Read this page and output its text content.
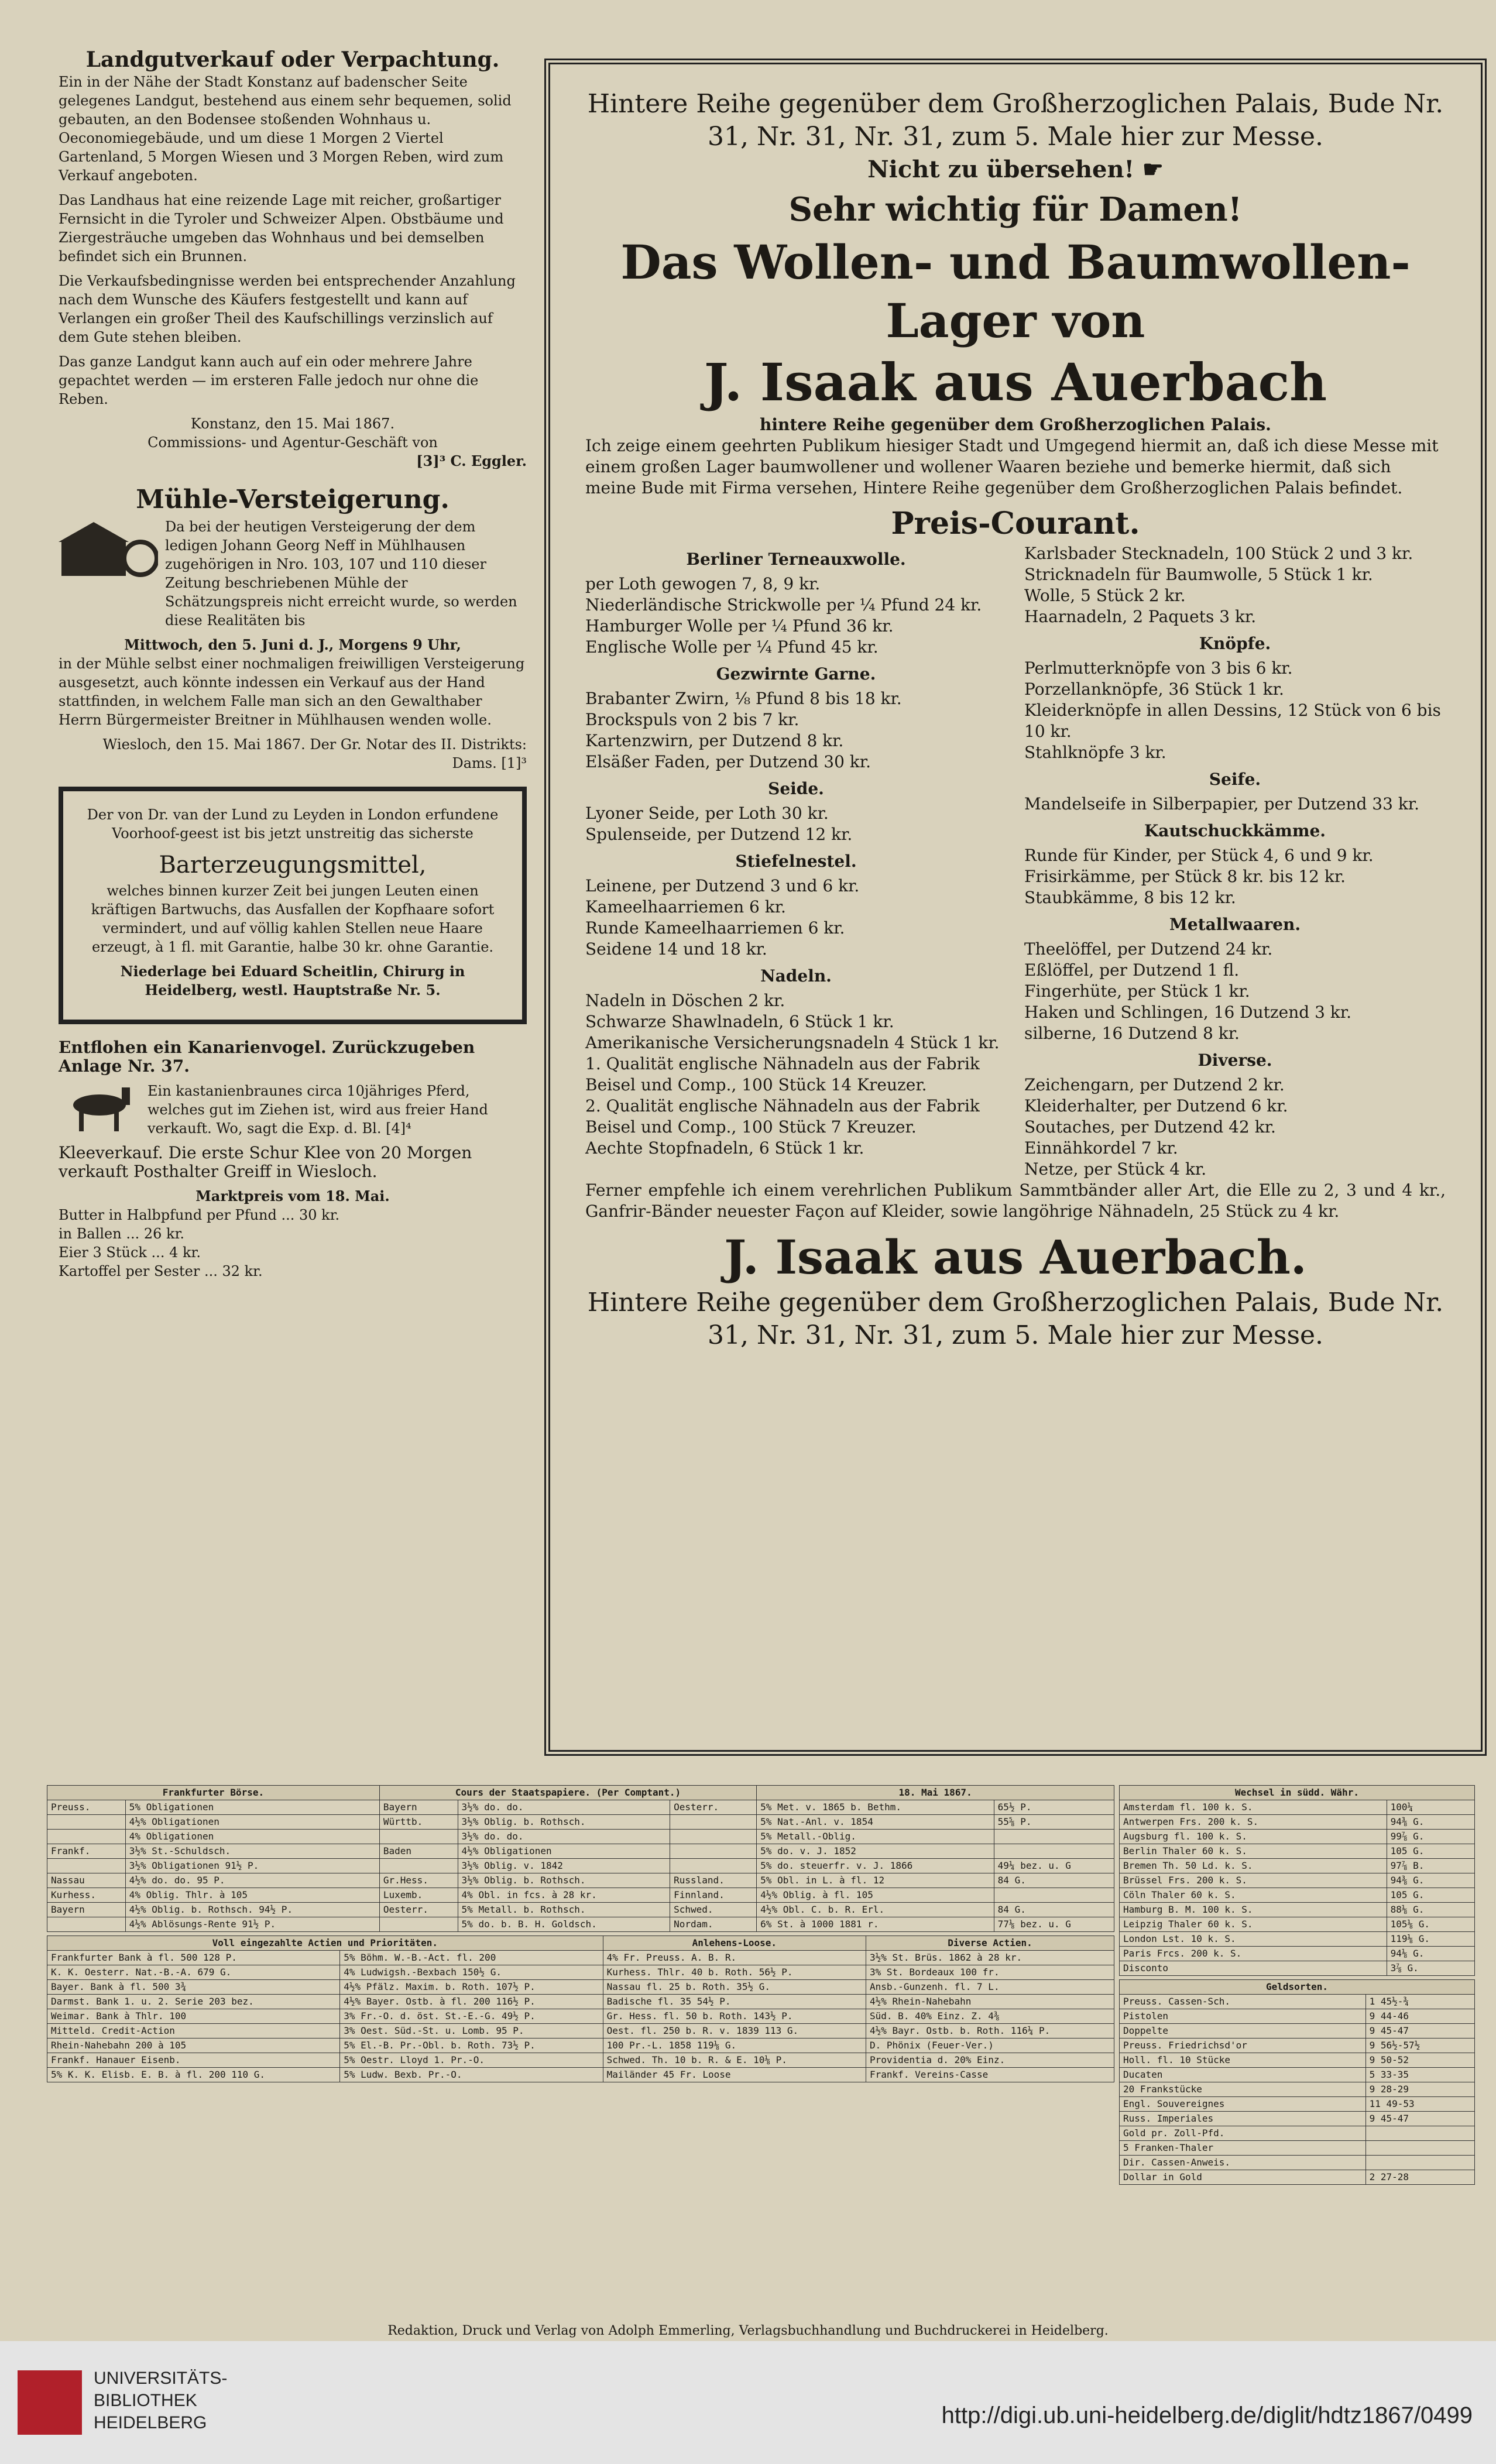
Landgutverkauf oder Verpachtung.

Ein in der Nähe der Stadt Konstanz auf badenscher Seite gelegenes Landgut, bestehend aus einem sehr bequemen, solid gebauten, an den Bodensee stoßenden Wohnhaus u. Oeconomiegebäude, und um diese 1 Morgen 2 Viertel Gartenland, 5 Morgen Wiesen und 3 Morgen Reben, wird zum Verkauf angeboten.

Das Landhaus hat eine reizende Lage mit reicher, großartiger Fernsicht in die Tyroler und Schweizer Alpen. Obstbäume und Ziergesträuche umgeben das Wohnhaus und bei demselben befindet sich ein Brunnen.

Die Verkaufsbedingnisse werden bei entsprechender Anzahlung nach dem Wunsche des Käufers festgestellt und kann auf Verlangen ein großer Theil des Kaufschillings verzinslich auf dem Gute stehen bleiben.

Das ganze Landgut kann auch auf ein oder mehrere Jahre gepachtet werden — im ersteren Falle jedoch nur ohne die Reben.

Konstanz, den 15. Mai 1867.
Commissions- und Agentur-Geschäft von
[3]³ C. Eggler.
Mühle-Versteigerung.

Da bei der heutigen Versteigerung der dem ledigen Johann Georg Neff in Mühlhausen zugehörigen in Nro. 103, 107 und 110 dieser Zeitung beschriebenen Mühle der Schätzungspreis nicht erreicht wurde, so werden diese Realitäten bis

Mittwoch, den 5. Juni d. J., Morgens 9 Uhr,

in der Mühle selbst einer nochmaligen freiwilligen Versteigerung ausgesetzt, auch könnte indessen ein Verkauf aus der Hand stattfinden, in welchem Falle man sich an den Gewalthaber Herrn Bürgermeister Breitner in Mühlhausen wenden wolle.

Wiesloch, den 15. Mai 1867. Der Gr. Notar des II. Distrikts: Dams. [1]³

Der von Dr. van der Lund zu Leyden in London erfundene Voorhoof-geest ist bis jetzt unstreitig das sicherste

Barterzeugungsmittel,

welches binnen kurzer Zeit bei jungen Leuten einen kräftigen Bartwuchs, das Ausfallen der Kopfhaare sofort vermindert, und auf völlig kahlen Stellen neue Haare erzeugt, à 1 fl. mit Garantie, halbe 30 kr. ohne Garantie.

Niederlage bei Eduard Scheitlin, Chirurg in Heidelberg, westl. Hauptstraße Nr. 5.

Entflohen ein Kanarienvogel. Zurückzugeben Anlage Nr. 37.

Ein kastanienbraunes circa 10jähriges Pferd, welches gut im Ziehen ist, wird aus freier Hand verkauft. Wo, sagt die Exp. d. Bl. [4]⁴

Kleeverkauf. Die erste Schur Klee von 20 Morgen verkauft Posthalter Greiff in Wiesloch.

Marktpreis vom 18. Mai.
Butter in Halbpfund per Pfund ... 30 kr.
in Ballen ... 26 kr.
Eier 3 Stück ... 4 kr.
Kartoffel per Sester ... 32 kr.
Hintere Reihe gegenüber dem Großherzoglichen Palais, Bude Nr. 31, Nr. 31, Nr. 31, zum 5. Male hier zur Messe.
Nicht zu übersehen! ☛
Sehr wichtig für Damen!
Das Wollen- und Baumwollen-
Lager von
J. Isaak aus Auerbach
hintere Reihe gegenüber dem Großherzoglichen Palais.

Ich zeige einem geehrten Publikum hiesiger Stadt und Umgegend hiermit an, daß ich diese Messe mit einem großen Lager baumwollener und wollener Waaren beziehe und bemerke hiermit, daß sich meine Bude mit Firma versehen, Hintere Reihe gegenüber dem Großherzoglichen Palais befindet.

Preis-Courant.
Berliner Terneauxwolle.
per Loth gewogen 7, 8, 9 kr.
Niederländische Strickwolle per ¼ Pfund 24 kr.
Hamburger Wolle per ¼ Pfund 36 kr.
Englische Wolle per ¼ Pfund 45 kr.
Gezwirnte Garne.
Brabanter Zwirn, ⅛ Pfund 8 bis 18 kr.
Brockspuls von 2 bis 7 kr.
Kartenzwirn, per Dutzend 8 kr.
Elsäßer Faden, per Dutzend 30 kr.
Seide.
Lyoner Seide, per Loth 30 kr.
Spulenseide, per Dutzend 12 kr.
Stiefelnestel.
Leinene, per Dutzend 3 und 6 kr.
Kameelhaarriemen 6 kr.
Runde Kameelhaarriemen 6 kr.
Seidene 14 und 18 kr.
Nadeln.
Nadeln in Döschen 2 kr.
Schwarze Shawlnadeln, 6 Stück 1 kr.
Amerikanische Versicherungsnadeln 4 Stück 1 kr.
1. Qualität englische Nähnadeln aus der Fabrik Beisel und Comp., 100 Stück 14 Kreuzer.
2. Qualität englische Nähnadeln aus der Fabrik Beisel und Comp., 100 Stück 7 Kreuzer.
Aechte Stopfnadeln, 6 Stück 1 kr.
Karlsbader Stecknadeln, 100 Stück 2 und 3 kr.
Stricknadeln für Baumwolle, 5 Stück 1 kr.
Wolle, 5 Stück 2 kr.
Haarnadeln, 2 Paquets 3 kr.
Knöpfe.
Perlmutterknöpfe von 3 bis 6 kr.
Porzellanknöpfe, 36 Stück 1 kr.
Kleiderknöpfe in allen Dessins, 12 Stück von 6 bis 10 kr.
Stahlknöpfe 3 kr.
Seife.
Mandelseife in Silberpapier, per Dutzend 33 kr.
Kautschuckkämme.
Runde für Kinder, per Stück 4, 6 und 9 kr.
Frisirkämme, per Stück 8 kr. bis 12 kr.
Staubkämme, 8 bis 12 kr.
Metallwaaren.
Theelöffel, per Dutzend 24 kr.
Eßlöffel, per Dutzend 1 fl.
Fingerhüte, per Stück 1 kr.
Haken und Schlingen, 16 Dutzend 3 kr.
silberne, 16 Dutzend 8 kr.
Diverse.
Zeichengarn, per Dutzend 2 kr.
Kleiderhalter, per Dutzend 6 kr.
Soutaches, per Dutzend 42 kr.
Einnähkordel 7 kr.
Netze, per Stück 4 kr.

Ferner empfehle ich einem verehrlichen Publikum Sammtbänder aller Art, die Elle zu 2, 3 und 4 kr., Ganfrir-Bänder neuester Façon auf Kleider, sowie langöhrige Nähnadeln, 25 Stück zu 4 kr.

J. Isaak aus Auerbach.
Hintere Reihe gegenüber dem Großherzoglichen Palais, Bude Nr. 31, Nr. 31, Nr. 31, zum 5. Male hier zur Messe.
Frankfurter Börse.		Cours der Staatspapiere. (Per Comptant.)			18. Mai 1867.	
Preuss.	5% Obligationen	Bayern	3½% do. do.	Oesterr.	5% Met. v. 1865 b. Bethm.	65½ P.
	4½% Obligationen	Württb.	3½% Oblig. b. Rothsch.		5% Nat.-Anl. v. 1854	55⅝ P.
	4% Obligationen		3½% do. do.		5% Metall.-Oblig.	
Frankf.	3½% St.-Schuldsch.	Baden	4½% Obligationen		5% do. v. J. 1852	
	3½% Obligationen 91½ P.		3½% Oblig. v. 1842		5% do. steuerfr. v. J. 1866	49¼ bez. u. G
Nassau	4½% do. do. 95 P.	Gr.Hess.	3½% Oblig. b. Rothsch.	Russland.	5% Obl. in L. à fl. 12	84 G.
Kurhess.	4% Oblig. Thlr. à 105	Luxemb.	4% Obl. in fcs. à 28 kr.	Finnland.	4½% Oblig. à fl. 105	
Bayern	4½% Oblig. b. Rothsch. 94½ P.	Oesterr.	5% Metall. b. Rothsch.	Schwed.	4½% Obl. C. b. R. Erl.	84 G.
	4½% Ablösungs-Rente 91½ P.		5% do. b. B. H. Goldsch.	Nordam.	6% St. à 1000 1881 r.	77⅛ bez. u. G
Voll eingezahlte Actien und Prioritäten.		Anlehens-Loose.	Diverse Actien.
Frankfurter Bank à fl. 500 128 P.	5% Böhm. W.-B.-Act. fl. 200	4% Fr. Preuss. A. B. R.	3½% St. Brüs. 1862 à 28 kr.
K. K. Oesterr. Nat.-B.-A. 679 G.	4% Ludwigsh.-Bexbach 150½ G.	Kurhess. Thlr. 40 b. Roth. 56½ P.	3% St. Bordeaux 100 fr.
Bayer. Bank à fl. 500 3¾	4½% Pfälz. Maxim. b. Roth. 107½ P.	Nassau fl. 25 b. Roth. 35½ G.	Ansb.-Gunzenh. fl. 7 L.
Darmst. Bank 1. u. 2. Serie 203 bez.	4½% Bayer. Ostb. à fl. 200 116½ P.	Badische fl. 35 54½ P.	4½% Rhein-Nahebahn
Weimar. Bank à Thlr. 100	3% Fr.-O. d. öst. St.-E.-G. 49½ P.	Gr. Hess. fl. 50 b. Roth. 143½ P.	Süd. B. 40% Einz. Z. 4⅜
Mitteld. Credit-Action	3% Oest. Süd.-St. u. Lomb. 95 P.	Oest. fl. 250 b. R. v. 1839 113 G.	4½% Bayr. Ostb. b. Roth. 116¼ P.
Rhein-Nahebahn 200 à 105	5% El.-B. Pr.-Obl. b. Roth. 73½ P.	100 Pr.-L. 1858 119⅛ G.	D. Phönix (Feuer-Ver.)
Frankf. Hanauer Eisenb.	5% Oestr. Lloyd 1. Pr.-O.	Schwed. Th. 10 b. R. & E. 10⅛ P.	Providentia d. 20% Einz.
5% K. K. Elisb. E. B. à fl. 200 110 G.	5% Ludw. Bexb. Pr.-O.	Mailänder 45 Fr. Loose	Frankf. Vereins-Casse
Wechsel in südd. Währ.	
Amsterdam fl. 100 k. S.	100¼
Antwerpen Frs. 200 k. S.	94⅜ G.
Augsburg fl. 100 k. S.	99⅞ G.
Berlin Thaler 60 k. S.	105 G.
Bremen Th. 50 Ld. k. S.	97⅞ B.
Brüssel Frs. 200 k. S.	94⅜ G.
Cöln Thaler 60 k. S.	105 G.
Hamburg B. M. 100 k. S.	88⅛ G.
Leipzig Thaler 60 k. S.	105⅛ G.
London Lst. 10 k. S.	119⅛ G.
Paris Frcs. 200 k. S.	94⅛ G.
Disconto	3⅞ G.
Geldsorten.	
Preuss. Cassen-Sch.	1 45½-¾
Pistolen	9 44-46
Doppelte	9 45-47
Preuss. Friedrichsd'or	9 56½-57½
Holl. fl. 10 Stücke	9 50-52
Ducaten	5 33-35
20 Frankstücke	9 28-29
Engl. Souvereignes	11 49-53
Russ. Imperiales	9 45-47
Gold pr. Zoll-Pfd.	
5 Franken-Thaler	
Dir. Cassen-Anweis.	
Dollar in Gold	2 27-28
Redaktion, Druck und Verlag von Adolph Emmerling, Verlagsbuchhandlung und Buchdruckerei in Heidelberg.
UNIVERSITÄTS-
BIBLIOTHEK
HEIDELBERG	http://digi.ub.uni-heidelberg.de/diglit/hdtz1867/0499
